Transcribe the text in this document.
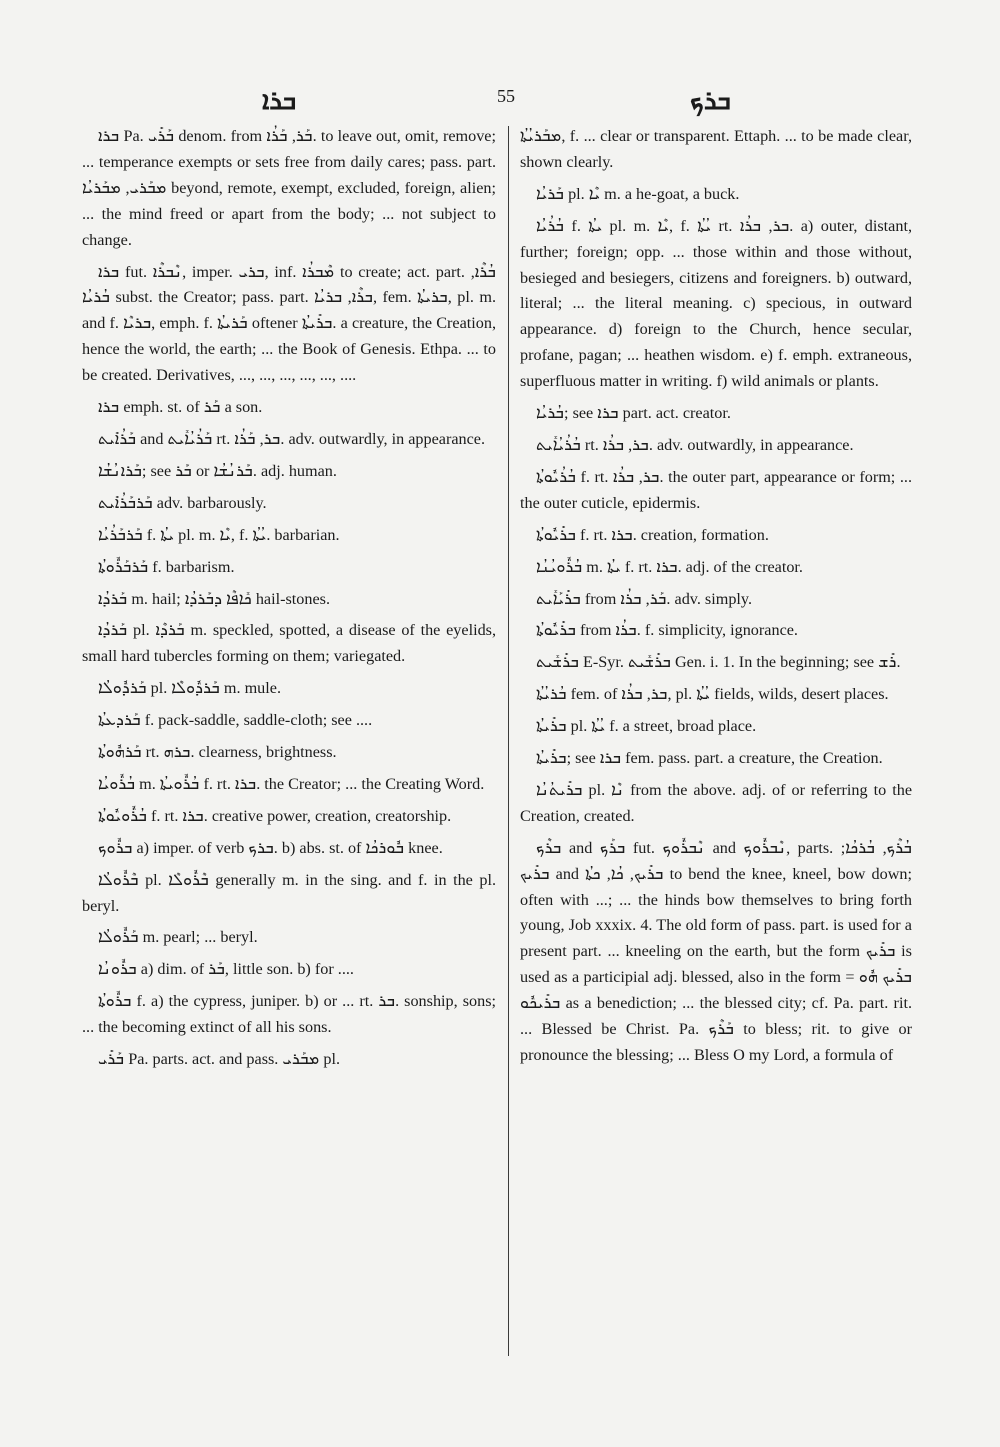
ܒܪܐ	55	ܒܪܟ

ܒܪܐ Pa. ܒܰܪܺܝ denom. from ܒܰܪ, ܒܰܪܳܐ. to leave out, omit, remove; ... temperance exempts or sets free from daily cares; pass. part. ܡܒܰܪܝ, ܡܒܰܪܝܳܐ beyond, remote, exempt, excluded, foreign, alien; ... the mind freed or apart from the body; ... not subject to change.

ܒܪܐ fut. ܢܶܒܪܶܐ, imper. ܒܪܝ, inf. ܡܶܒܪܳܐ to create; act. part. ܒܳܪܶܐ, ܒܳܪܝܳܐ subst. the Creator; pass. part. ܒܪܶܐ, ܒܪܝܳܐ, fem. ܒܪܝܬܳܐ, pl. m. and f. ܒܪܝܶܐ, emph. f. ܒܰܪܝܬܳܐ oftener ܒܪܺܝܬܳܐ. a creature, the Creation, hence the world, the earth; ... the Book of Genesis. Ethpa. ... to be created. Derivatives, ..., ..., ..., ..., ..., ....

ܒܪܐ emph. st. of ܒܰܪ a son.

ܒܰܪܳܐܺܝܬ and ܒܰܪܳܝܳܐܺܝܬ rt. ܒܪ, ܒܰܪܳܐ. adv. outwardly, in appearance.

ܒܰܪܐܢܳܫܳܐ; see ܒܰܪ or ܒܰܪܢܳܫܳܐ. adj. human.

ܒܰܪܒܰܪܳܐܺܝܬ adv. barbarously.

ܒܰܪܒܰܪܳܝܳܐ f. ܝܬܳܐ pl. m. ܝܶܐ, f. ܝܳܬܳܐ. barbarian.

ܒܰܪܒܰܪܽܘܬܳܐ f. barbarism.

ܒܰܪܕܳܐ m. hail; ܟܺܐܦܶܐ ܕܒܰܪܕܳܐ hail-stones.

ܒܰܪܕܳܐ pl. ܒܰܪܕܶܐ m. speckled, spotted, a disease of the eyelids, small hard tubercles forming on them; variegated.

ܒܰܪܕܽܘܠܳܐ pl. ܒܰܪܕܽܘܠܶܐ m. mule.

ܒܰܪܕܥܬܳܐ f. pack-saddle, saddle-cloth; see ....

ܒܰܪܗܽܘܬܳܐ rt. ܒܪܗ. clearness, brightness.

ܒܳܪܽܘܝܳܐ m. ܒܳܪܽܘܝܬܳܐ f. rt. ܒܪܐ. the Creator; ... the Creating Word.

ܒܳܪܽܘܝܽܘܬܳܐ f. rt. ܒܪܐ. creative power, creation, creatorship.

ܒܪܽܘܟ a) imper. of verb ܒܪܟ. b) abs. st. of ܒܽܘܪܟܳܐ knee.

ܒܶܪܽܘܠܳܐ pl. ܒܶܪܽܘܠܶܐ generally m. in the sing. and f. in the pl. beryl.

ܒܰܪܽܘܠܳܐ m. pearl; ... beryl.

ܒܪܽܘܢܳܐ a) dim. of ܒܰܪ, little son. b) for ....

ܒܪܽܘܬܳܐ f. a) the cypress, juniper. b) or ... rt. ܒܪ. sonship, sons; ... the becoming extinct of all his sons.

ܒܰܪܺܝ Pa. parts. act. and pass. ܡܒܰܪܝ pl.

ܡܒܰܪܝܳܬܳܐ, f. ... clear or transparent. Ettaph. ... to be made clear, shown clearly.

ܒܰܪܝܳܐ pl. ܝܶܐ m. a he-goat, a buck.

ܒܳܪܳܝܳܐ f. ܝܬܳܐ pl. m. ܝܶܐ, f. ܝܳܬܳܐ rt. ܒܪ, ܒܪܳܐ. a) outer, distant, further; foreign; opp. ... those within and those without, besieged and besiegers, citizens and foreigners. b) outward, literal; ... the literal meaning. c) specious, in outward appearance. d) foreign to the Church, hence secular, profane, pagan; ... heathen wisdom. e) f. emph. extraneous, superfluous matter in writing. f) wild animals or plants.

ܒܳܪܝܳܐ; see ܒܪܐ part. act. creator.

ܒܳܪܳܝܳܐܺܝܬ rt. ܒܪ, ܒܪܳܐ. adv. outwardly, in appearance.

ܒܳܪܳܝܽܘܬܳܐ f. rt. ܒܪ, ܒܪܳܐ. the outer part, appearance or form; ... the outer cuticle, epidermis.

ܒܪܺܝܽܘܬܳܐ f. rt. ܒܪܐ. creation, formation.

ܒܳܪܽܘܝܳܢܳܐ m. ܝܬܳܐ f. rt. ܒܪܐ. adj. of the creator.

ܒܪܺܝܰܐܺܝܬ from ܒܰܪ, ܒܪܳܐ. adv. simply.

ܒܪܺܝܽܘܬܳܐ from ܒܪܳܐ. f. simplicity, ignorance.

ܒܪܺܫܺܝܬ E-Syr. ܒܪܺܫܺܝܬ Gen. i. 1. In the beginning; see ܪܺܫ.

ܒܳܪܝܳܬܳܐ fem. of ܒܪ, ܒܪܳܐ, pl. ܝܳܬܳܐ fields, wilds, desert places.

ܒܪܺܝܬܳܐ pl. ܝܳܬܳܐ f. a street, broad place.

ܒܪܺܝܬܳܐ; see ܒܪܐ fem. pass. part. a creature, the Creation.

ܒܪܺܝܬܳܢܳܐ pl. ܢܶܐ from the above. adj. of or referring to the Creation, created.

ܒܪܶܟ and ܒܪܰܟ fut. ܢܶܒܪܽܘܟ and ܢܶܒܪܽܘܟ, parts. ܒܳܪܶܟ, ܒܳܪܟܳܐ; ܒܪܺܝܟ and ܒܪܺܝܟ, ܟܳܐ, ܟܬܳܐ to bend the knee, kneel, bow down; often with ...; ... the hinds bow themselves to bring forth young, Job xxxix. 4. The old form of pass. part. is used for a present part. ... kneeling on the earth, but the form ܒܪܺܝܟ is used as a participial adj. blessed, also in the form ܒܪܺܝܟ ܗܽܘ = ܒܪܺܝܟܽܘ as a benediction; ... the blessed city; cf. Pa. part. rit. ... Blessed be Christ. Pa. ܒܰܪܶܟ to bless; rit. to give or pronounce the blessing; ... Bless O my Lord, a formula of
